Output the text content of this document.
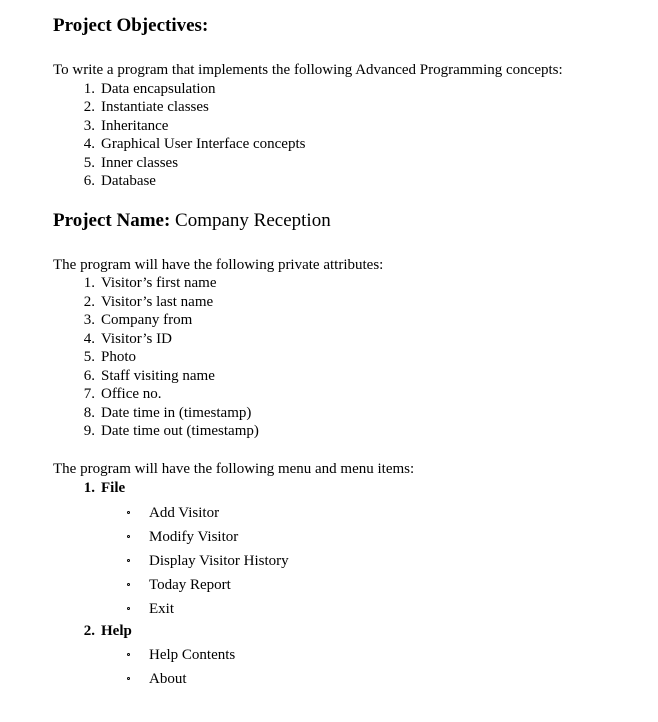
Project Objectives:
To write a program that implements the following Advanced Programming concepts:
1. Data encapsulation
2. Instantiate classes
3. Inheritance
4. Graphical User Interface concepts
5. Inner classes
6. Database
Project Name: Company Reception
The program will have the following private attributes:
1. Visitor’s first name
2. Visitor’s last name
3. Company from
4. Visitor’s ID
5. Photo
6. Staff visiting name
7. Office no.
8. Date time in (timestamp)
9. Date time out (timestamp)
The program will have the following menu and menu items:
1. File
Add Visitor
Modify Visitor
Display Visitor History
Today Report
Exit
2. Help
Help Contents
About
